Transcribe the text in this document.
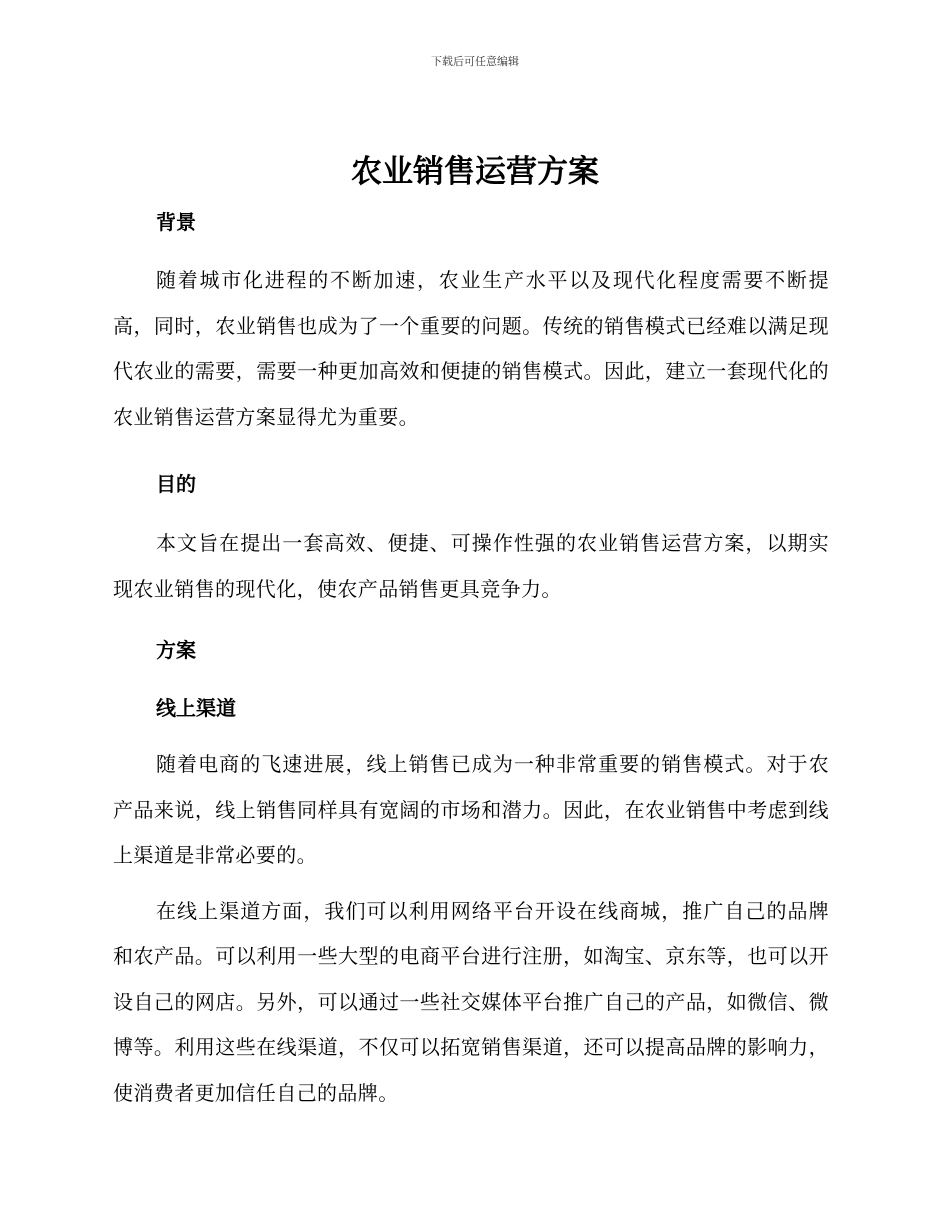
下载后可任意编辑
农业销售运营方案
背景

随着城市化进程的不断加速，农业生产水平以及现代化程度需要不断提高，同时，农业销售也成为了一个重要的问题。传统的销售模式已经难以满足现代农业的需要，需要一种更加高效和便捷的销售模式。因此，建立一套现代化的农业销售运营方案显得尤为重要。

目的

本文旨在提出一套高效、便捷、可操作性强的农业销售运营方案，以期实现农业销售的现代化，使农产品销售更具竞争力。

方案
线上渠道

随着电商的飞速进展，线上销售已成为一种非常重要的销售模式。对于农产品来说，线上销售同样具有宽阔的市场和潜力。因此，在农业销售中考虑到线上渠道是非常必要的。

在线上渠道方面，我们可以利用网络平台开设在线商城，推广自己的品牌和农产品。可以利用一些大型的电商平台进行注册，如淘宝、京东等，也可以开设自己的网店。另外，可以通过一些社交媒体平台推广自己的产品，如微信、微博等。利用这些在线渠道，不仅可以拓宽销售渠道，还可以提高品牌的影响力，使消费者更加信任自己的品牌。
